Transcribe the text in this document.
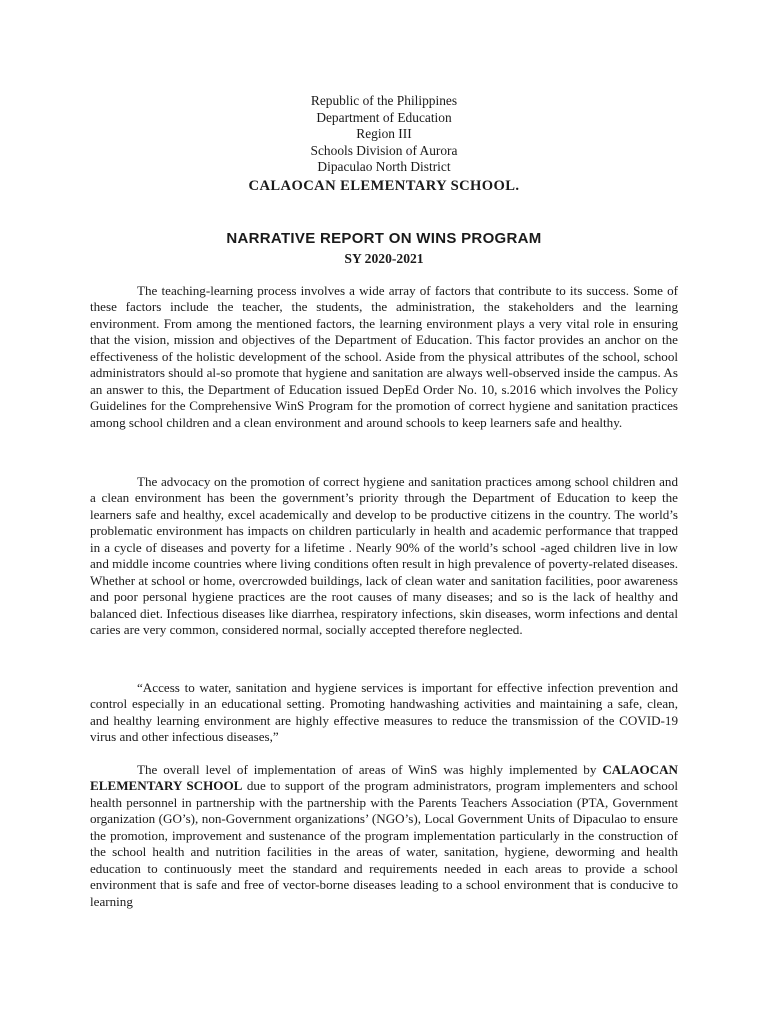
Republic of the Philippines
Department of Education
Region III
Schools Division of Aurora
Dipaculao North District
CALAOCAN ELEMENTARY SCHOOL.
NARRATIVE REPORT ON WINS PROGRAM
SY 2020-2021

The teaching-learning process involves a wide array of factors that contribute to its success. Some of these factors include the teacher, the students, the administration, the stakeholders and the learning environment. From among the mentioned factors, the learning environment plays a very vital role in ensuring that the vision, mission and objectives of the Department of Education. This factor provides an anchor on the effectiveness of the holistic development of the school. Aside from the physical attributes of the school, school administrators should al-so promote that hygiene and sanitation are always well-observed inside the campus. As an answer to this, the Department of Education issued DepEd Order No. 10, s.2016 which involves the Policy Guidelines for the Comprehensive WinS Program for the promotion of correct hygiene and sanitation practices among school children and a clean environment and around schools to keep learners safe and healthy.

The advocacy on the promotion of correct hygiene and sanitation practices among school children and a clean environment has been the government’s priority through the Department of Education to keep the learners safe and healthy, excel academically and develop to be productive citizens in the country. The world’s problematic environment has impacts on children particularly in health and academic performance that trapped in a cycle of diseases and poverty for a lifetime . Nearly 90% of the world’s school -aged children live in low and middle income countries where living conditions often result in high prevalence of poverty-related diseases. Whether at school or home, overcrowded buildings, lack of clean water and sanitation facilities, poor awareness and poor personal hygiene practices are the root causes of many diseases; and so is the lack of healthy and balanced diet. Infectious diseases like diarrhea, respiratory infections, skin diseases, worm infections and dental caries are very common, considered normal, socially accepted therefore neglected.

“Access to water, sanitation and hygiene services is important for effective infection prevention and control especially in an educational setting. Promoting handwashing activities and maintaining a safe, clean, and healthy learning environment are highly effective measures to reduce the transmission of the COVID-19 virus and other infectious diseases,”

The overall level of implementation of areas of WinS was highly implemented by CALAOCAN ELEMENTARY SCHOOL due to support of the program administrators, program implementers and school health personnel in partnership with the partnership with the Parents Teachers Association (PTA, Government organization (GO’s), non-Government organizations’ (NGO’s), Local Government Units of Dipaculao to ensure the promotion, improvement and sustenance of the program implementation particularly in the construction of the school health and nutrition facilities in the areas of water, sanitation, hygiene, deworming and health education to continuously meet the standard and requirements needed in each areas to provide a school environment that is safe and free of vector-borne diseases leading to a school environment that is conducive to learning
